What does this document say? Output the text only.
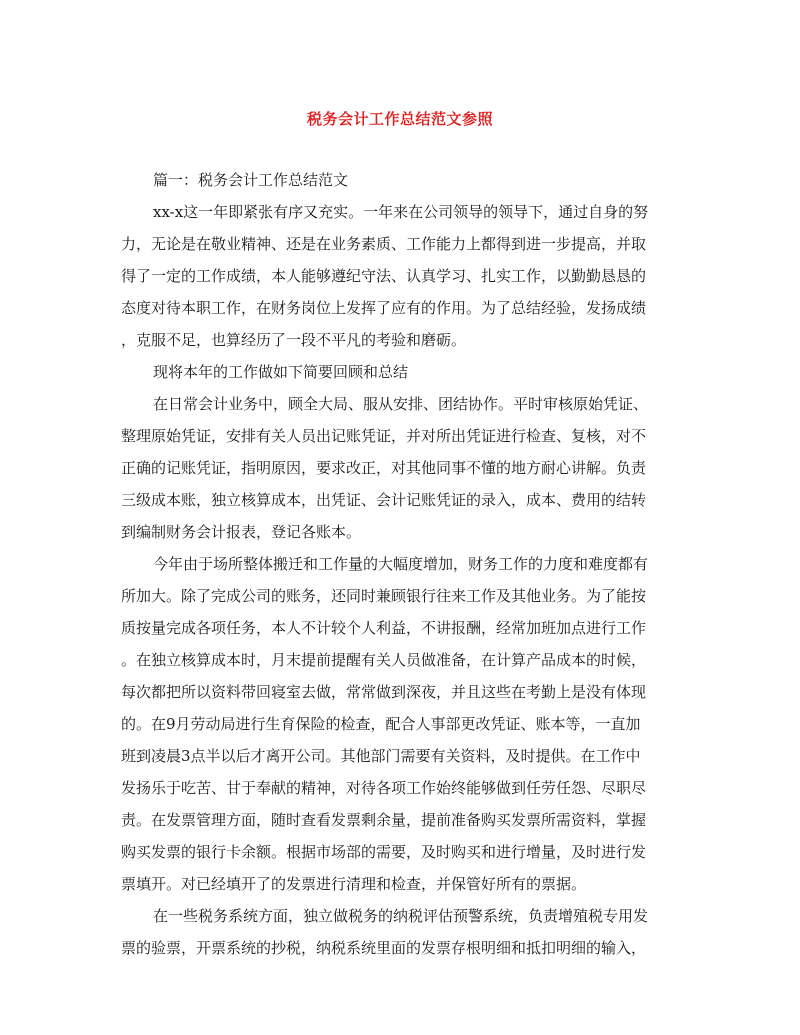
税务会计工作总结范文参照
篇一：税务会计工作总结范文
xx-x这一年即紧张有序又充实。一年来在公司领导的领导下，通过自身的努
力，无论是在敬业精神、还是在业务素质、工作能力上都得到进一步提高，并取
得了一定的工作成绩，本人能够遵纪守法、认真学习、扎实工作，以勤勤恳恳的
态度对待本职工作，在财务岗位上发挥了应有的作用。为了总结经验，发扬成绩
，克服不足，也算经历了一段不平凡的考验和磨砺。
现将本年的工作做如下简要回顾和总结
在日常会计业务中，顾全大局、服从安排、团结协作。平时审核原始凭证、
整理原始凭证，安排有关人员出记账凭证，并对所出凭证进行检查、复核，对不
正确的记账凭证，指明原因，要求改正，对其他同事不懂的地方耐心讲解。负责
三级成本账，独立核算成本，出凭证、会计记账凭证的录入，成本、费用的结转
到编制财务会计报表，登记各账本。
今年由于场所整体搬迁和工作量的大幅度增加，财务工作的力度和难度都有
所加大。除了完成公司的账务，还同时兼顾银行往来工作及其他业务。为了能按
质按量完成各项任务，本人不计较个人利益，不讲报酬，经常加班加点进行工作
。在独立核算成本时，月末提前提醒有关人员做准备，在计算产品成本的时候，
每次都把所以资料带回寝室去做，常常做到深夜，并且这些在考勤上是没有体现
的。在9月劳动局进行生育保险的检查，配合人事部更改凭证、账本等，一直加
班到凌晨3点半以后才离开公司。其他部门需要有关资料，及时提供。在工作中
发扬乐于吃苦、甘于奉献的精神，对待各项工作始终能够做到任劳任怨、尽职尽
责。在发票管理方面，随时查看发票剩余量，提前准备购买发票所需资料，掌握
购买发票的银行卡余额。根据市场部的需要，及时购买和进行增量，及时进行发
票填开。对已经填开了的发票进行清理和检查，并保管好所有的票据。
在一些税务系统方面，独立做税务的纳税评估预警系统，负责增殖税专用发
票的验票，开票系统的抄税，纳税系统里面的发票存根明细和抵扣明细的输入，
